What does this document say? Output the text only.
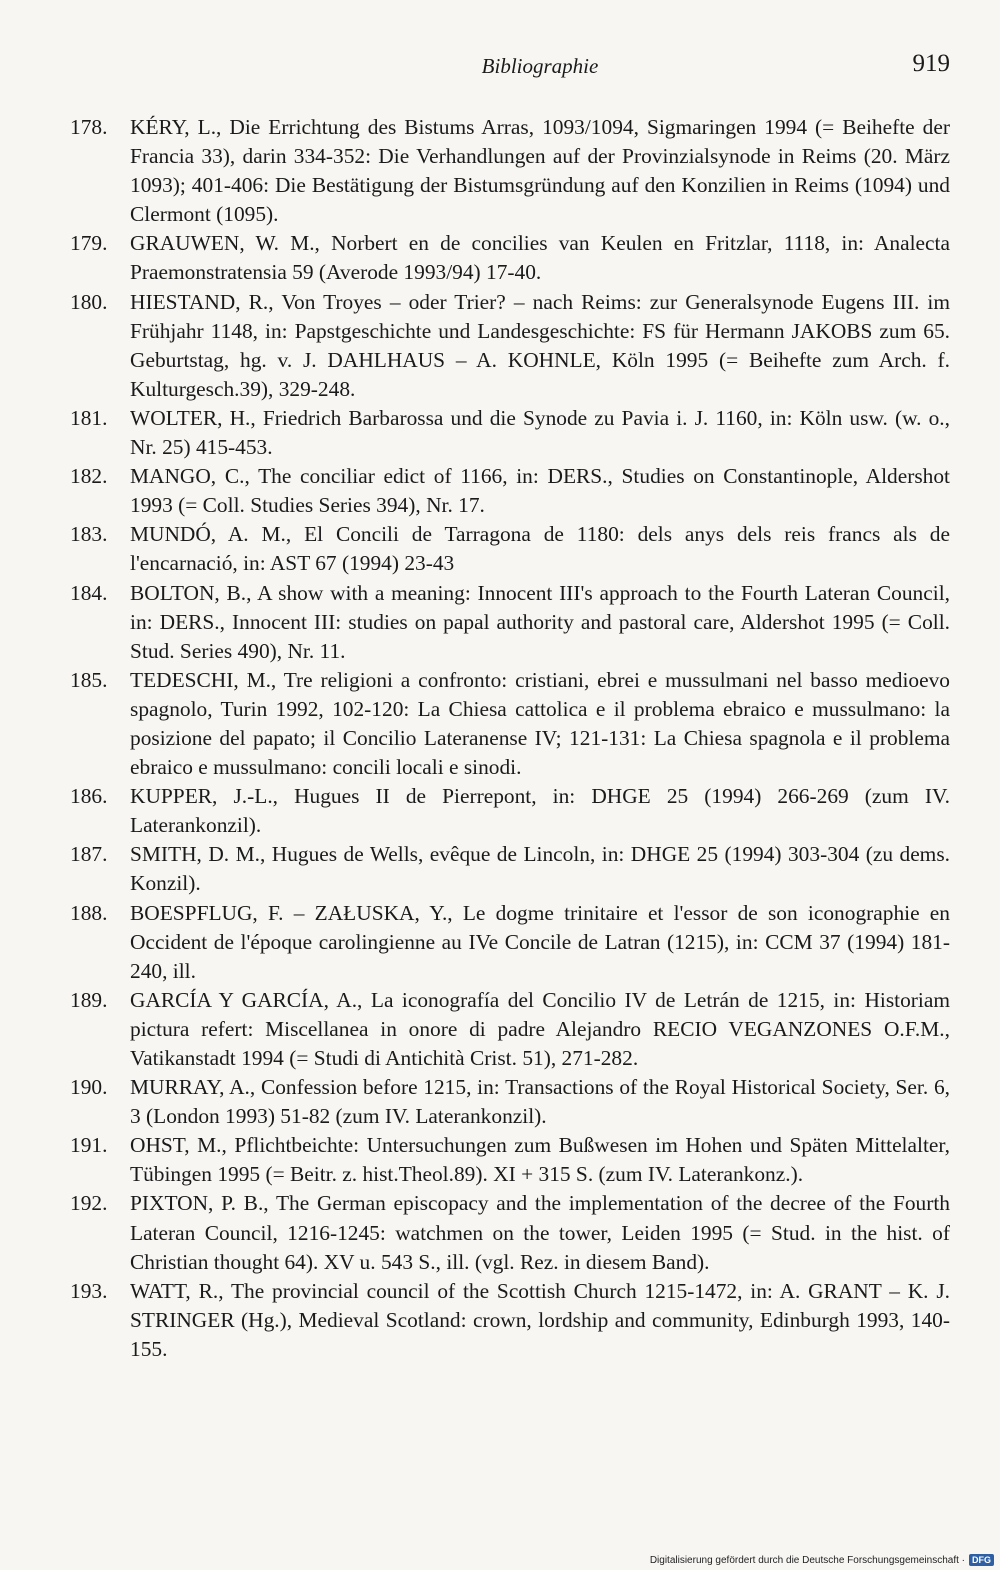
Bibliographie	919
178.	KÉRY, L., Die Errichtung des Bistums Arras, 1093/1094, Sigmaringen 1994 (= Beihefte der Francia 33), darin 334-352: Die Verhandlungen auf der Provinzialsynode in Reims (20. März 1093); 401-406: Die Bestätigung der Bistumsgründung auf den Konzilien in Reims (1094) und Clermont (1095).
179.	GRAUWEN, W. M., Norbert en de concilies van Keulen en Fritzlar, 1118, in: Analecta Praemonstratensia 59 (Averode 1993/94) 17-40.
180.	HIESTAND, R., Von Troyes – oder Trier? – nach Reims: zur Generalsynode Eugens III. im Frühjahr 1148, in: Papstgeschichte und Landesgeschichte: FS für Hermann JAKOBS zum 65. Geburtstag, hg. v. J. DAHLHAUS – A. KOHNLE, Köln 1995 (= Beihefte zum Arch. f. Kulturgesch.39), 329-248.
181.	WOLTER, H., Friedrich Barbarossa und die Synode zu Pavia i. J. 1160, in: Köln usw. (w. o., Nr. 25) 415-453.
182.	MANGO, C., The conciliar edict of 1166, in: DERS., Studies on Constantinople, Aldershot 1993 (= Coll. Studies Series 394), Nr. 17.
183.	MUNDÓ, A. M., El Concili de Tarragona de 1180: dels anys dels reis francs als de l'encarnació, in: AST 67 (1994) 23-43
184.	BOLTON, B., A show with a meaning: Innocent III's approach to the Fourth Lateran Council, in: DERS., Innocent III: studies on papal authority and pastoral care, Aldershot 1995 (= Coll. Stud. Series 490), Nr. 11.
185.	TEDESCHI, M., Tre religioni a confronto: cristiani, ebrei e mussulmani nel basso medioevo spagnolo, Turin 1992, 102-120: La Chiesa cattolica e il problema ebraico e mussulmano: la posizione del papato; il Concilio Lateranense IV; 121-131: La Chiesa spagnola e il problema ebraico e mussulmano: concili locali e sinodi.
186.	KUPPER, J.-L., Hugues II de Pierrepont, in: DHGE 25 (1994) 266-269 (zum IV. Laterankonzil).
187.	SMITH, D. M., Hugues de Wells, evêque de Lincoln, in: DHGE 25 (1994) 303-304 (zu dems. Konzil).
188.	BOESPFLUG, F. – ZAŁUSKA, Y., Le dogme trinitaire et l'essor de son iconographie en Occident de l'époque carolingienne au IVe Concile de Latran (1215), in: CCM 37 (1994) 181-240, ill.
189.	GARCÍA Y GARCÍA, A., La iconografía del Concilio IV de Letrán de 1215, in: Historiam pictura refert: Miscellanea in onore di padre Alejandro RECIO VEGANZONES O.F.M., Vatikanstadt 1994 (= Studi di Antichità Crist. 51), 271-282.
190.	MURRAY, A., Confession before 1215, in: Transactions of the Royal Historical Society, Ser. 6, 3 (London 1993) 51-82 (zum IV. Laterankonzil).
191.	OHST, M., Pflichtbeichte: Untersuchungen zum Bußwesen im Hohen und Späten Mittelalter, Tübingen 1995 (= Beitr. z. hist.Theol.89). XI + 315 S. (zum IV. Laterankonz.).
192.	PIXTON, P. B., The German episcopacy and the implementation of the decree of the Fourth Lateran Council, 1216-1245: watchmen on the tower, Leiden 1995 (= Stud. in the hist. of Christian thought 64). XV u. 543 S., ill. (vgl. Rez. in diesem Band).
193.	WATT, R., The provincial council of the Scottish Church 1215-1472, in: A. GRANT – K. J. STRINGER (Hg.), Medieval Scotland: crown, lordship and community, Edinburgh 1993, 140-155.
Digitalisierung gefördert durch die Deutsche Forschungsgemeinschaft · DFG
